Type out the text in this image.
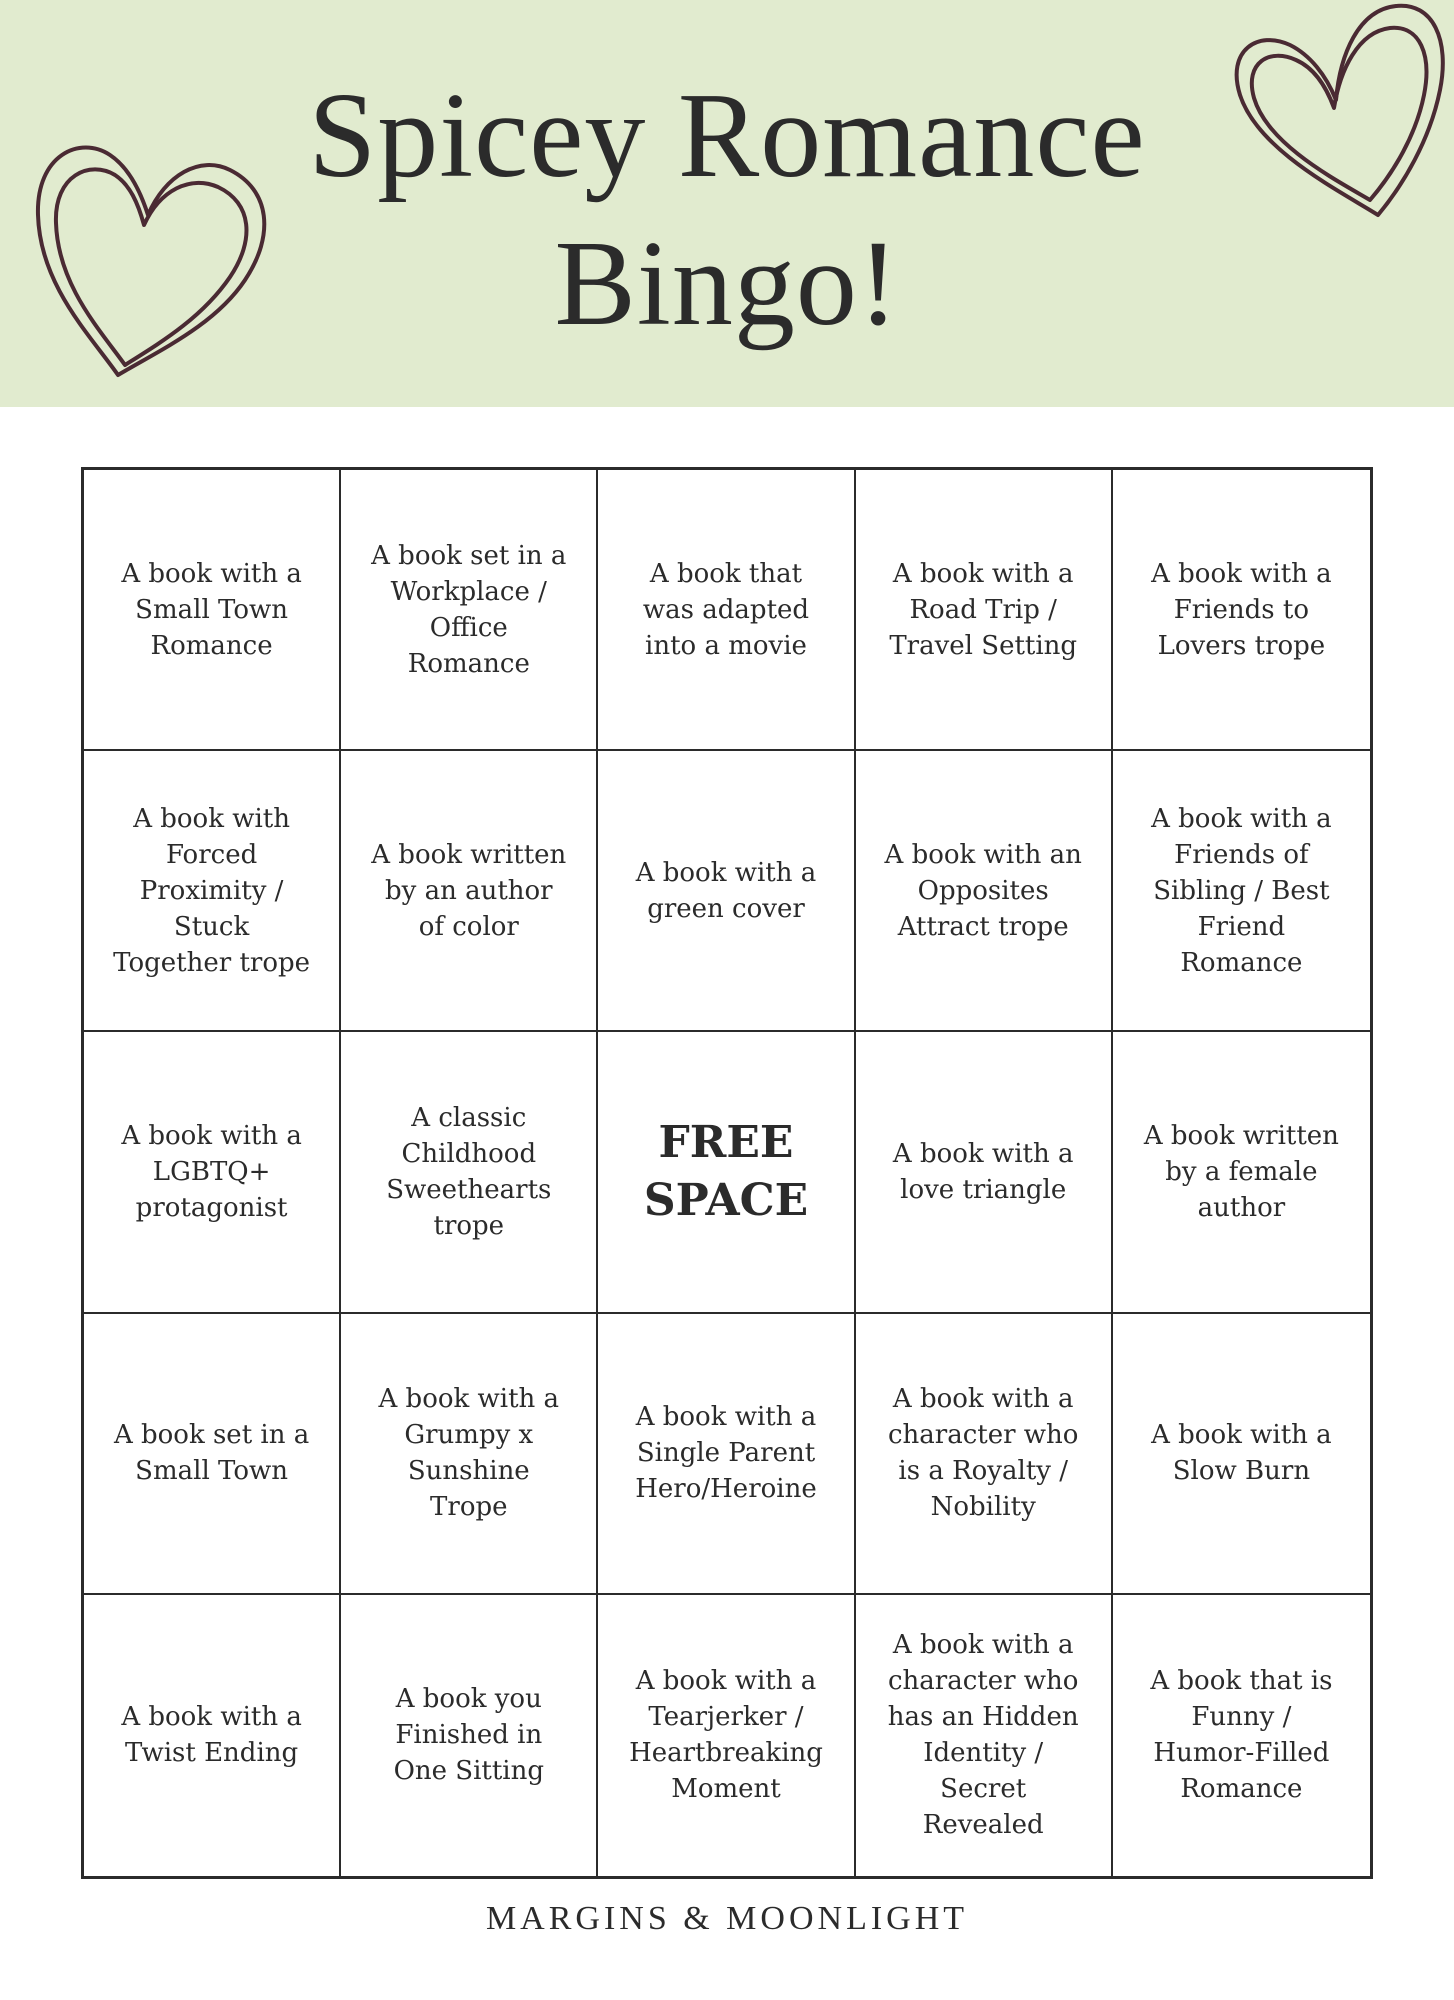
Spicey Romance
Bingo!
A book with a Small Town Romance
A book set in a Workplace / Office Romance
A book that was adapted into a movie
A book with a Road Trip / Travel Setting
A book with a Friends to Lovers trope
A book with Forced Proximity / Stuck Together trope
A book written by an author of color
A book with a green cover
A book with an Opposites Attract trope
A book with a Friends of Sibling / Best Friend Romance
A book with a LGBTQ+ protagonist
A classic Childhood Sweethearts trope
FREE SPACE
A book with a love triangle
A book written by a female author
A book set in a Small Town
A book with a Grumpy x Sunshine Trope
A book with a Single Parent Hero/Heroine
A book with a character who is a Royalty / Nobility
A book with a Slow Burn
A book with a Twist Ending
A book you Finished in One Sitting
A book with a Tearjerker / Heartbreaking Moment
A book with a character who has an Hidden Identity / Secret Revealed
A book that is Funny / Humor-Filled Romance
MARGINS & MOONLIGHT
